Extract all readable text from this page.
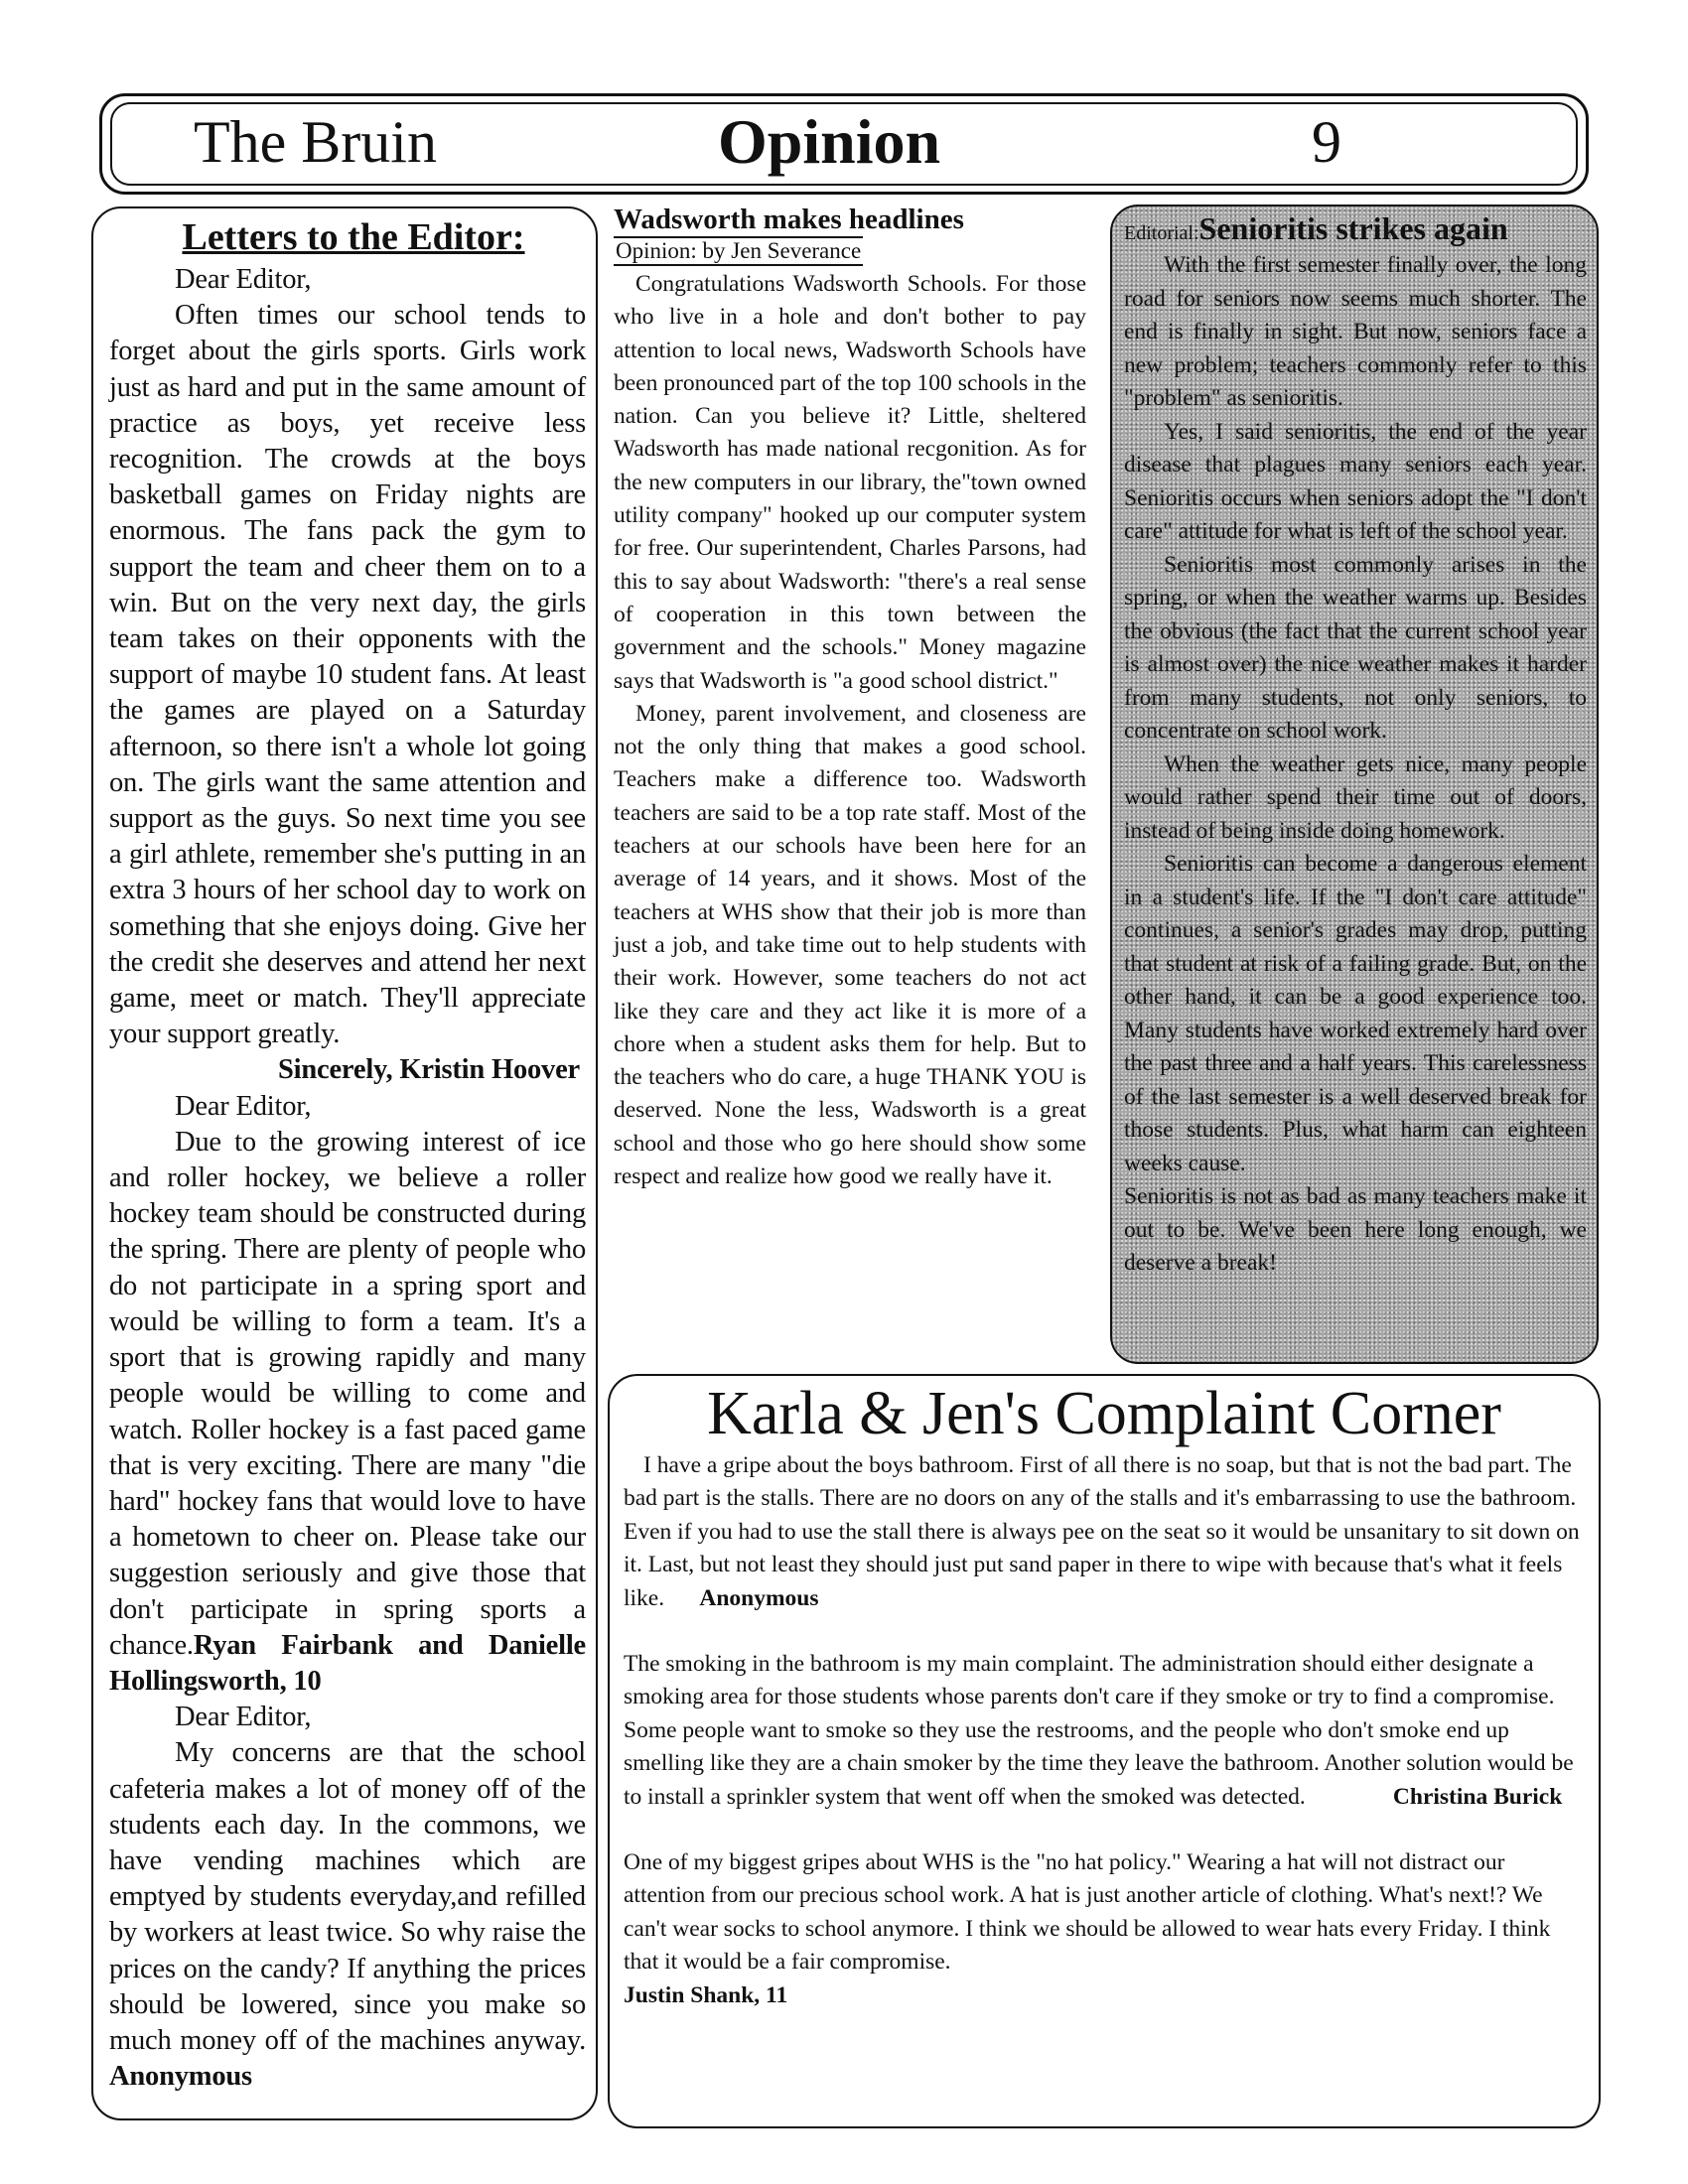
The Bruin	Opinion	9
Letters to the Editor:

Dear Editor,

Often times our school tends to forget about the girls sports. Girls work just as hard and put in the same amount of practice as boys, yet receive less recognition. The crowds at the boys basketball games on Friday nights are enormous. The fans pack the gym to support the team and cheer them on to a win. But on the very next day, the girls team takes on their opponents with the support of maybe 10 student fans. At least the games are played on a Saturday afternoon, so there isn't a whole lot going on. The girls want the same attention and support as the guys. So next time you see a girl athlete, remember she's putting in an extra 3 hours of her school day to work on something that she enjoys doing. Give her the credit she deserves and attend her next game, meet or match. They'll appreciate your support greatly.

Sincerely, Kristin Hoover

Dear Editor,

Due to the growing interest of ice and roller hockey, we believe a roller hockey team should be constructed during the spring. There are plenty of people who do not participate in a spring sport and would be willing to form a team. It's a sport that is growing rapidly and many people would be willing to come and watch. Roller hockey is a fast paced game that is very exciting. There are many "die hard" hockey fans that would love to have a hometown to cheer on. Please take our suggestion seriously and give those that don't participate in spring sports a chance.Ryan Fairbank and Danielle Hollingsworth, 10

Dear Editor,

My concerns are that the school cafeteria makes a lot of money off of the students each day. In the commons, we have vending machines which are emptyed by students everyday,and refilled by workers at least twice. So why raise the prices on the candy? If anything the prices should be lowered, since you make so much money off of the machines anyway. Anonymous

Wadsworth makes headlines
Opinion: by Jen Severance

Congratulations Wadsworth Schools. For those who live in a hole and don't bother to pay attention to local news, Wadsworth Schools have been pronounced part of the top 100 schools in the nation. Can you believe it? Little, sheltered Wadsworth has made national recgonition. As for the new computers in our library, the"town owned utility company" hooked up our computer system for free. Our superintendent, Charles Parsons, had this to say about Wadsworth: "there's a real sense of cooperation in this town between the government and the schools." Money magazine says that Wadsworth is "a good school district."

Money, parent involvement, and closeness are not the only thing that makes a good school. Teachers make a difference too. Wadsworth teachers are said to be a top rate staff. Most of the teachers at our schools have been here for an average of 14 years, and it shows. Most of the teachers at WHS show that their job is more than just a job, and take time out to help students with their work. However, some teachers do not act like they care and they act like it is more of a chore when a student asks them for help. But to the teachers who do care, a huge THANK YOU is deserved. None the less, Wadsworth is a great school and those who go here should show some respect and realize how good we really have it.

Editorial:Senioritis strikes again

With the first semester finally over, the long road for seniors now seems much shorter. The end is finally in sight. But now, seniors face a new problem; teachers commonly refer to this "problem" as senioritis.

Yes, I said senioritis, the end of the year disease that plagues many seniors each year. Senioritis occurs when seniors adopt the "I don't care" attitude for what is left of the school year.

Senioritis most commonly arises in the spring, or when the weather warms up. Besides the obvious (the fact that the current school year is almost over) the nice weather makes it harder from many students, not only seniors, to concentrate on school work.

When the weather gets nice, many people would rather spend their time out of doors, instead of being inside doing homework.

Senioritis can become a dangerous element in a student's life. If the "I don't care attitude" continues, a senior's grades may drop, putting that student at risk of a failing grade. But, on the other hand, it can be a good experience too. Many students have worked extremely hard over the past three and a half years. This carelessness of the last semester is a well deserved break for those students. Plus, what harm can eighteen weeks cause.

Senioritis is not as bad as many teachers make it out to be. We've been here long enough, we deserve a break!

Karla & Jen's Complaint Corner

I have a gripe about the boys bathroom. First of all there is no soap, but that is not the bad part. The bad part is the stalls. There are no doors on any of the stalls and it's embarrassing to use the bathroom. Even if you had to use the stall there is always pee on the seat so it would be unsanitary to sit down on it. Last, but not least they should just put sand paper in there to wipe with because that's what it feels like. Anonymous

The smoking in the bathroom is my main complaint. The administration should either designate a smoking area for those students whose parents don't care if they smoke or try to find a compromise. Some people want to smoke so they use the restrooms, and the people who don't smoke end up smelling like they are a chain smoker by the time they leave the bathroom. Another solution would be to install a sprinkler system that went off when the smoked was detected.	Christina Burick

One of my biggest gripes about WHS is the "no hat policy." Wearing a hat will not distract our attention from our precious school work. A hat is just another article of clothing. What's next!? We can't wear socks to school anymore. I think we should be allowed to wear hats every Friday. I think that it would be a fair compromise.
Justin Shank, 11
